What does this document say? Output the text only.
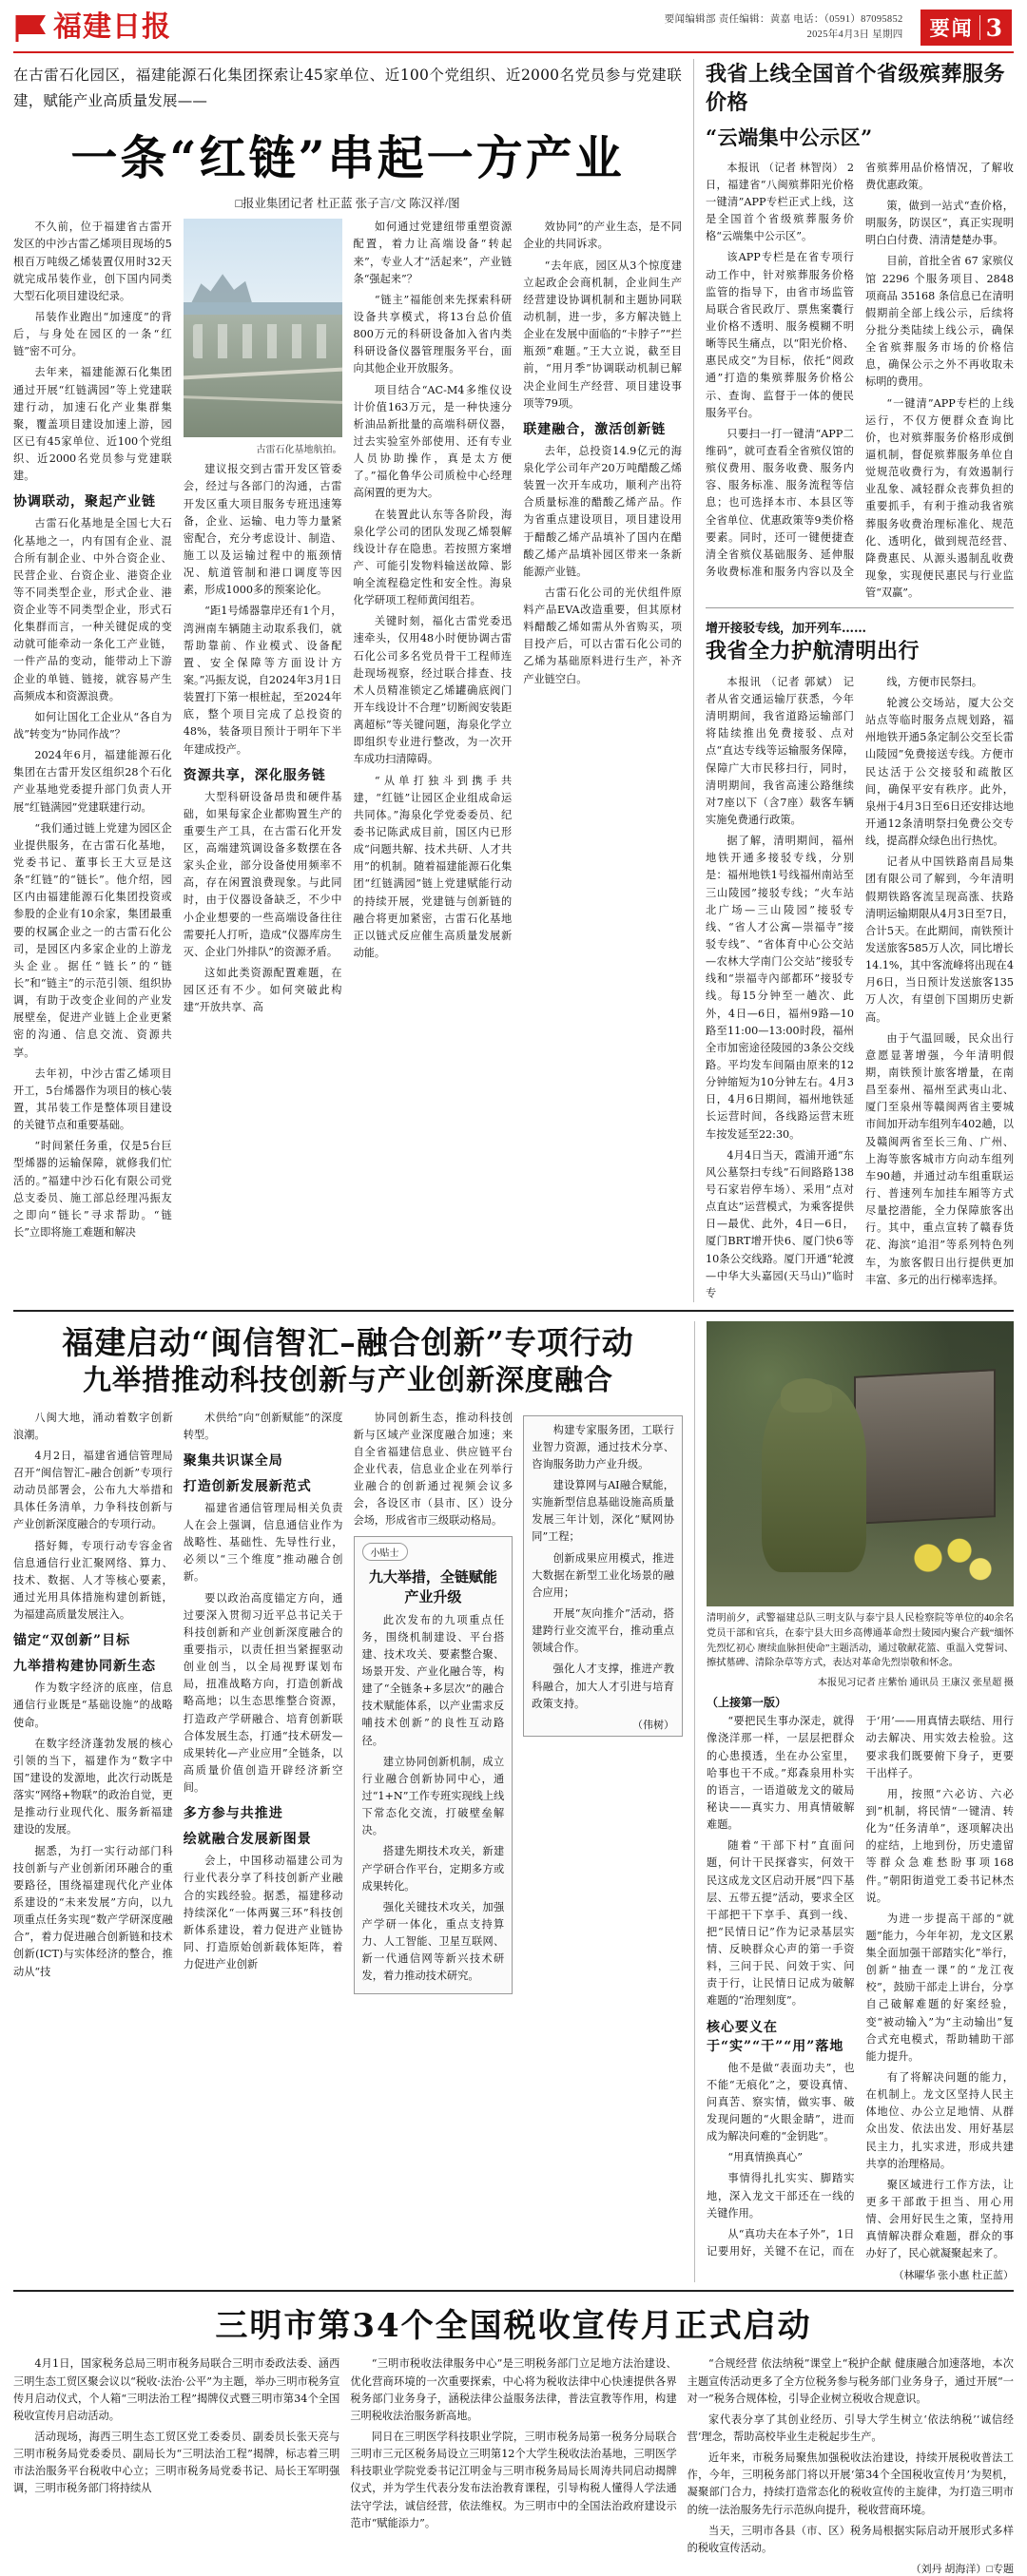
福建日报	要闻编辑部 责任编辑：黄嘉 电话：（0591）87095852
2025年4月3日 星期四 要闻 3
在古雷石化园区，福建能源石化集团探索让45家单位、近100个党组织、近2000名党员参与党建联建，赋能产业高质量发展——
一条“红链”串起一方产业
□报业集团记者 杜正蓝 张子言/文 陈汉祥/图

不久前，位于福建省古雷开发区的中沙古雷乙烯项目现场的5根百万吨级乙烯装置仅用时32天就完成吊装作业，创下国内同类大型石化项目建设纪录。

吊装作业跑出“加速度”的背后，与身处在园区的一条“红链”密不可分。

去年来，福建能源石化集团通过开展“红链满园”等上党建联建行动，加速石化产业集群集聚，覆盖项目建设加速上游，园区已有45家单位、近100个党组织、近2000名党员参与党建联建。

协调联动，聚起产业链

古雷石化基地是全国七大石化基地之一，内有国有企业、混合所有制企业、中外合资企业、民营企业、台资企业、港资企业等不同类型企业，形式企业、港资企业等不同类型企业，形式石化集群而言，一种关键促成的变动就可能牵动一条化工产业链，一件产品的变动，能带动上下游企业的单链、链接，就容易产生高频成本和资源浪费。

如何让国化工企业从“各自为战”转变为“协同作战”？

2024年6月，福建能源石化集团在古雷开发区组织28个石化产业基地党委提升部门负责人开展“红链满园”党建联建行动。

“我们通过链上党建为园区企业提供服务，在古雷石化基地，党委书记、董事长王大豆是这条“红链”的“链长”。他介绍，园区内由福建能源石化集团投资或参股的企业有10余家，集团最重要的权属企业之一的古雷石化公司，是园区内多家企业的上游龙头企业。据任“链长”的“链长”和“链主”的示范引领、组织协调，有助于改变企业间的产业发展壁垒，促进产业链上企业更紧密的沟通、信息交流、资源共享。

去年初，中沙古雷乙烯项目开工，5台烯器作为项目的核心装置，其吊装工作是整体项目建设的关键节点和重要基础。

“时间紧任务重，仅是5台巨型烯器的运输保障，就修我们忙活的。”福建中沙石化有限公司党总支委员、施工部总经理冯振友之即向“链长”寻求帮助。“链长”立即将施工难题和解决

古雷石化基地航拍。

建议报交到古雷开发区管委会，经过与各部门的沟通，古雷开发区重大项目服务专班迅速筹备，企业、运输、电力等力量紧密配合，充分考虑设计、制造、施工以及运输过程中的瓶颈情况、航道管制和港口调度等因素，形成1000多的预案论化。

“距1号烯器靠岸还有1个月，湾洲南车辆随主动取系我们，就帮助靠前、作业模式、设备配置、安全保障等方面设计方案。”冯振友说，自2024年3月1日装置打下第一根桩起，至2024年底，整个项目完成了总投资的48%，装备项目预计于明年下半年建成投产。

资源共享，深化服务链

大型科研设备昂贵和硬件基础，如果每家企业都购置生产的重要生产工具，在古雷石化开发区，高端建筑调设备多数摆在各家头企业，部分设备使用频率不高，存在闲置浪费现象。与此同时，由于仪器设备缺乏，不少中小企业想要的一些高端设备往往需要托人打听，造成“仪器库房生灭、企业门外排队”的资源矛盾。

这如此类资源配置难题，在园区还有不少。如何突破此构建“开放共享、高

如何通过党建纽带重塑资源配置，着力让高端设备“转起来”，专业人才“活起来”，产业链条“强起来”？

“链主”福能创来先探索科研设备共享模式，将13台总价值800万元的科研设备加入省内类科研设备仪器管理服务平台，面向其他企业开放服务。

项目结合“AC-M4多维仪设计价值163万元，是一种快速分析油品新批量的高端科研仪器，过去实验室外部使用、还有专业人员协助操作，真是太方便了。”福化鲁华公司质检中心经理高闲置的更为大。

在装置此认东等各阶段，海泉化学公司的团队发现乙烯裂解线设计存在隐患。若按照方案增产、可能引发物料输送故障、影响全流程稳定性和安全性。海泉化学研项工程师黄闰组若。

关键时刻，福化古雷党委迅速牵头，仅用48小时便协调古雷石化公司多名党员骨干工程师连赴现场视察，经过联合排查、技术人员精准锁定乙烯罐确底阀门开车线设计不合理”切断阀安装距离超标”等关键问题，海泉化学立即组织专业进行整改，为一次开车成功扫清障碍。

“从单打独斗到携手共建，“红链”让园区企业组成命运共同体。”海泉化学党委委员、纪委书记陈武成目前，国区内已形成“问题共解、技术共研、人才共用”的机制。随着福建能源石化集团“红链满园”链上党建赋能行动的持续开展，党建链与创新链的融合将更加紧密，古雷石化基地正以链式反应催生高质量发展新动能。

效协同”的产业生态，是不同企业的共同诉求。

“去年底，园区从3个惊度建立起政企会商机制，企业间生产经营建设协调机制和主题协同联动机制，进一步，多方解决链上企业在发展中面临的“卡脖子”“拦瓶颈”难题。”王大立说，截至目前，“用月季”协调联动机制已解决企业间生产经营、项目建设事项等79项。

联建融合，激活创新链

去年，总投资14.9亿元的海泉化学公司年产20万吨醋酸乙烯装置一次开车成功，顺利产出符合质量标准的醋酸乙烯产品。作为省重点建设项目，项目建设用于醋酸乙烯产品填补了国内在醋酸乙烯产品填补园区带来一条新能源产业链。

古雷石化公司的光伏组件原料产品EVA改造重要，但其原材料醋酸乙烯如需从外省购买，项目投产后，可以古雷石化公司的乙烯为基础原料进行生产，补齐产业链空白。

我省上线全国首个省级殡葬服务价格
“云端集中公示区”

本报讯 （记者 林智岗） 2日，福建省“八闽殡葬阳光价格一键清”APP专栏正式上线，这是全国首个省级殡葬服务价格“云端集中公示区”。

该APP专栏是在省专项行动工作中，针对殡葬服务价格监管的指导下，由省市场监管局联合省民政厅、票焦案囊行业价格不透明、服务模糊不明晰等民生痛点，以“阳光价格、惠民成交”为目标，依托“阅政通”打造的集殡葬服务价格公示、查询、监督于一体的便民服务平台。

只要扫一打一键清“APP二维码”，就可查看全省殡仪馆的殡仪费用、服务收费、服务内容、服务标准、服务流程等信息；也可选择本市、本县区等全省单位、优惠政策等9类价格要素。同时，还可一键便捷查清全省殡仪基础服务、延伸服务收费标准和服务内容以及全省殡葬用品价格情况，了解收费优惠政策。

策，做到一站式“查价格，明服务，防误区”，真正实现明明白白付费、清清楚楚办事。

目前，首批全省 67 家殡仪馆 2296 个服务项目、2848 项商品 35168 条信息已在清明假期前全部上线公示，后续将分批分类陆续上线公示，确保全省殡葬服务市场的价格信息，确保公示之外不再收取未标明的费用。

“一键清”APP专栏的上线运行，不仅方便群众查询比价，也对殡葬服务价格形成倒逼机制，督促殡葬服务单位自觉规范收费行为，有效遏制行业乱象、减轻群众丧葬负担的重要抓手，有利于推动我省殡葬服务收费治理标准化、规范化、透明化，做到规范经营、降费惠民、从源头遏制乱收费现象，实现便民惠民与行业监管“双赢”。

增开接驳专线，加开列车……
我省全力护航清明出行

本报讯 （记者 郭斌） 记者从省交通运输厅获悉，今年清明期间，我省道路运输部门将陆续推出免费接驳、点对点“直达专线等运输服务保障，保障广大市民移扫行，同时，清明期间，我省高速公路继续对7座以下（含7座）载客车辆实施免费通行政策。

据了解，清明期间，福州地铁开通多接驳专线，分别是：福州地铁1号线福州南站至三山陵园”接驳专线；“火车站北广场—三山陵园”接驳专线、“省人才公寓—崇福寺”接驳专线”、“省体育中心公交站—农林大学南门公交站”接驳专线和“崇福寺內部都环”接驳专线。每15分钟至一趟次、此外，4日—6日，福州9路—10路至11:00—13:00时段，福州全市加密途径陵园的3条公交线路。平均发车间隔由原来的12分钟缩短为10分钟左右。4月3日，4月6日期间，福州地铁延长运营时间，各线路运营末班车按发延至22:30。

4月4日当天，霞浦开通“东风公墓祭扫专线”石间路路138号石家岩停车场）、采用“点对点直达”运营模式，为乘客提供日—最优、此外，4日—6日，厦门BRT增开快6、厦门快6等10条公交线路。厦门开通“轮渡—中华大头嘉园(天马山)”临时专

线，方便市民祭扫。

轮渡公交场站，厦大公交站点等临时服务点规划路，福州地铁开通5条定制公交至长雷山陵园”免费接送专线。方便市民达活于公交接驳和疏散区间，确保平安有秩序。此外，泉州于4月3日至6日还安排达地开通12条清明祭扫免费公交专线，提高群众绿色出行热忱。

记者从中国铁路南昌局集团有限公司了解到，今年清明假期铁路客流呈现高涨、扶路清明运输期限从4月3日至7日，合计5天。在此期间，南铁预计发送旅客585万人次，同比增长14.1%，其中客流峰将出现在4月6日，当日预计发送旅客135万人次，有望创下国期历史新高。

由于气温回暖，民众出行意愿显著增强，今年清明假期，南铁预计旅客增量，在南昌至泰州、福州至武夷山北、厦门至泉州等赣闽两省主要城市间加开动车组列车402趟，以及赣闽两省至长三角、广州、上海等旅客城市方向动车组列车90趟，并通过动车组重联运行、普速列车加挂车厢等方式尽量挖潜能，全力保障旅客出行。其中，重点宣转了赣春货花、海滨“追泪”等系列特色列车，为旅客假日出行提供更加丰富、多元的出行梯率选择。

福建启动“闽信智汇–融合创新”专项行动
九举措推动科技创新与产业创新深度融合

八闽大地，涌动着数字创新浪潮。

4月2日，福建省通信管理局召开“闽信智汇–融合创新”专项行动动员部署会，公布九大举措和具体任务清单，力争科技创新与产业创新深度融合的专项行动。

搭好舞，专项行动专容金省信息通信行业汇聚网络、算力、技术、数据、人才等核心要素，通过光用具体措施构建创新链，为福建高质量发展注入。

锚定“双创新”目标
九举措构建协同新生态

作为数字经济的底座，信息通信行业既是“基础设施”的战略使命。

在数字经济蓬勃发展的核心引领的当下，福建作为“数字中国”建设的发源地，此次行动既是落实“网络+物联”的政治自觉，更是推动行业现代化、服务新福建建设的发展。

据悉，为打一实行动部门科技创新与产业创新闭环融合的重要路径，围绕福建现代化产业体系建设的“未来发展”方向，以九项重点任务实现“数产学研深度融合”，着力促进融合创新链和技术创新(ICT)与实体经济的整合，推动从“技

术供给”向“创新赋能”的深度转型。

聚集共识谋全局
打造创新发展新范式

福建省通信管理局相关负责人在会上强调，信息通信业作为战略性、基础性、先导性行业，必须以“三个维度”推动融合创新。

要以政治高度锚定方向，通过要深入贯彻习近平总书记关于科技创新和产业创新深度融合的重要指示，以责任担当紧握驱动创业创当，以全局视野谋划布局，扭准战略方向，打造创新战略高地；以生态思维整合资源，打造政产学研融合、培育创新联合体发展生态，打通“技术研发—成果转化—产业应用”全链条，以高质量价值创造开辟经济新空间。

多方参与共推进
绘就融合发展新图景

会上，中国移动福建公司为行业代表分享了科技创新产业融合的实践经验。据悉，福建移动持续深化“一体两翼三环”科技创新体系建设，着力促进产业链协同、打造原始创新载体矩阵，着力促进产业创新

协同创新生态，推动科技创新与区域产业深度融合加速；来自全省福建信息业、供应链平台企业代表，信息业企业在列举行业融合的创新通过视频会议多会，各设区市（县市、区）设分会场，形成省市三级联动格局。

小贴士
九大举措，全链赋能产业升级

此次发布的九项重点任务，围绕机制建设、平台搭建、技术攻关、要素整合聚、场景开发、产业化融合等，构建了“全链条+多层次”的融合技术赋能体系，以产业需求反哺技术创新”的良性互动路径。

建立协同创新机制，成立行业融合创新协同中心，通过“1+N”工作专班实现线上线下常态化交流，打破壁垒解决。

搭建先期技术攻关，新建产学研合作平台，定期多方或成果转化。

强化关键技术攻关，加强产学研一体化，重点支持算力、人工智能、卫星互联网、新一代通信网等新兴技术研发，着力推动技术研究。

构建专家服务团，工联行业智力资源，通过技术分享、咨询服务助力产业升级。

建设算网与AI融合赋能，实施新型信息基础设施高质量发展三年计划，深化“赋网协同”工程；

创新成果应用模式，推进大数据在新型工业化场景的融合应用；

开展“灰向推介”活动，搭建跨行业交流平台，推动重点领域合作。

强化人才支撑，推进产教科融合，加大人才引进与培育政策支持。

（伟树）
清明前夕，武警福建总队三明支队与泰宁县人民检察院等单位的40余名党员干部和官兵，在泰宁县大田乡高傅通革命烈士陵园内聚合产载“缅怀先烈忆初心 赓续血脉担使命”主题活动，通过敬献花篮、重温入党誓词、擦拭墓碑、清除杂草等方式，表达对革命先烈崇敬和怀念。
本报见习记者 庄紫怡 通讯员 王康汉 张星超 摄
（上接第一版）

“要把民生事办深走，就得像浇洋那一样，一层层把群众的心患摸透，坐在办公室里，哈事也干不成。”郑森泉用朴实的语言，一语道破龙文的破局秘诀——真实力、用真情破解难题。

随着“干部下村”直面问题，何计干民探睿实，何效干民这成龙文区启动开展“四下基层、五带五提”活动，要求全区干部把干下享手、真到一线、把“民情日记”作为记录基层实情、反映群众心声的第一手资料，三问于民、问效于实、问责于行，让民情日记成为破解难题的“治理刻度”。

核心要义在于“实”“干”“用”落地

他不是做“表面功夫”，也不能“无痕化”之，要设真情、问真苦、察实情，做实事、破发现问题的“火眼金睛”，进而成为解决问难的“金钥匙”。

“用真情换真心”

事情得扎扎实实、脚踏实地，深入龙文干部还在一线的关键作用。

从“真功夫在本子外”，1日记要用好，关键不在记，而在于‘用’——用真情去联结、用行动去解决、用实效去检验。这要求我们既要俯下身子，更要干出样子。

用，按照“六必访、六必到”机制，将民情“一键清、转化为“任务清单”，逐项解决出的症结，上地到份，历史遗留等群众急难愁盼事项168件。”朝阳街道党工委书记林杰说。

为进一步提高干部的“就题”能力，今年年初，龙文区累集全面加强干部踏实化”举行，创新“抽查一课”的“龙江夜校”，鼓励干部走上讲台，分享自己破解难题的好案经验，变“被动输入”为“主动输出”复合式充电模式，帮助辅助干部能力提升。

有了将解决问题的能力，在机制上。龙文区坚持人民主体地位、办公立足地情、从群众出发、依法出发、用好基层民主力，扎实求进，形成共建共享的治理格局。

聚区域进行工作方法，让更多干部敢于担当、用心用情、会用好民生之策，坚持用真情解决群众难题，群众的事办好了，民心就凝聚起来了。

（林曜华 张小惠 杜正蓝）
三明市第34个全国税收宣传月正式启动

4月1日，国家税务总局三明市税务局联合三明市委政法委、涵西三明生态工贸区聚会议以“税收·法治·公平”为主题，举办三明市税务宣传月启动仪式，个人箱“三明法治工程”揭牌仪式暨三明市第34个全国税收宣传月启动活动。

活动现场，海西三明生态工贸区党工委委员、副委员长张天亮与三明市税务局党委委员、副局长为“三明法治工程”揭牌，标志着三明市法治服务平台税收中心立；三明市税务局党委书记、局长王军明强调，三明市税务部门将持续从

“三明市税收法律服务中心”是三明税务部门立足地方法治建设、优化营商环境的一次重要探索，中心将为税收法律中心快速提供各界税务部门业务身子，涵税法律公益服务法律，普法宣教等作用，构建三明税收法治服务新高地。

同日在三明医学科技职业学院，三明市税务局第一税务分局联合三明市三元区税务局设立三明第12个大学生税收法治基地，三明医学科技职业学院党委书记江明金与三明市税务局局长周涛共同启动揭牌仪式，并为学生代表分发布法治教育课程，引导构税人懂得人学法通法守学法，诚信经营，依法维权。为三明市中的全国法治政府建设示范市“赋能添力”。

“合规经营 依法纳税”课堂上“税护企献 健康融合加速落地，本次主题宣传活动更多了全方位税务参与税务部门业务身子，通过开展“一对一”税务合规体检，引导企业树立税收合规意识。

家代表分享了其创业经历、引导大学生树立‘依法纳税’‘诚信经营’理念，帮助高校毕业生走税起步生产。

近年来，市税务局聚焦加强税收法治建设，持续开展税收普法工作，今年，三明税务部门将以开展‘第34个全国税收宣传月’为契机，凝聚部门合力，持续打造常态化的税收宣传的主旋律，为打造三明市的统一法治服务先行示范纵向提升，税收营商环境。

当天，三明市各县（市、区）税务局根据实际启动开展形式多样的税收宣传活动。

（刘丹 胡海洋）□专题
